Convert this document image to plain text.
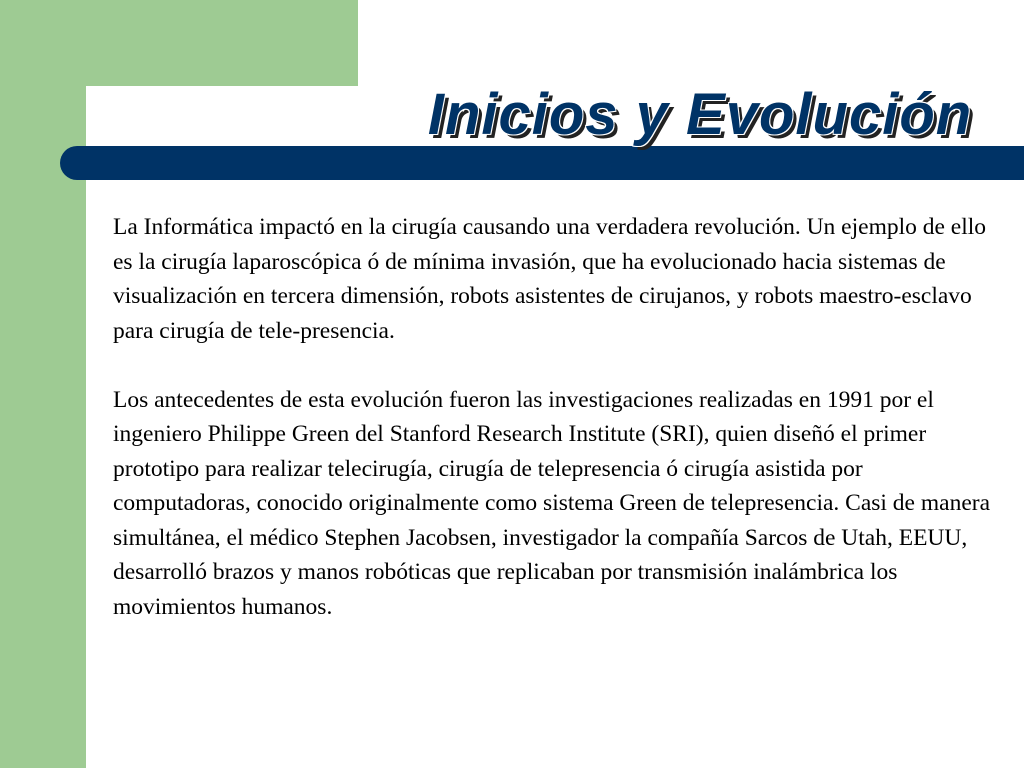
Inicios y Evolución

La Informática impactó en la cirugía causando una verdadera revolución. Un ejemplo de ello es la cirugía laparoscópica ó de mínima invasión, que ha evolucionado hacia sistemas de visualización en tercera dimensión, robots asistentes de cirujanos, y robots maestro-esclavo para cirugía de tele-presencia.

Los antecedentes de esta evolución fueron las investigaciones realizadas en 1991 por el ingeniero Philippe Green del Stanford Research Institute (SRI), quien diseñó el primer prototipo para realizar telecirugía, cirugía de telepresencia ó cirugía asistida por computadoras, conocido originalmente como sistema Green de telepresencia. Casi de manera simultánea, el médico Stephen Jacobsen, investigador la compañía Sarcos de Utah, EEUU, desarrolló brazos y manos robóticas que replicaban por transmisión inalámbrica los movimientos humanos.
